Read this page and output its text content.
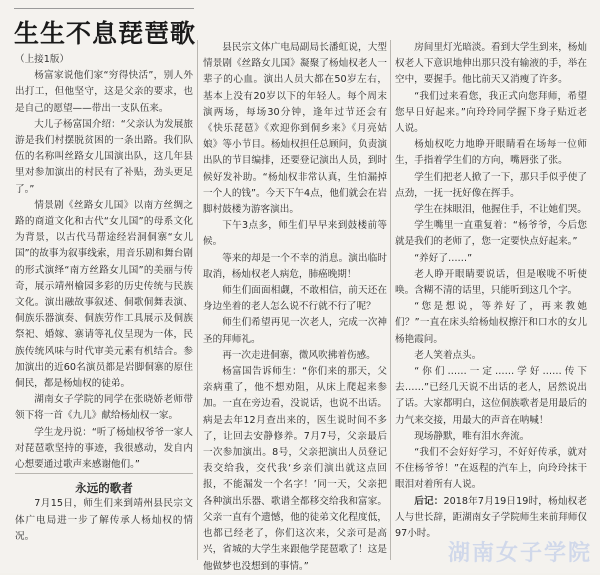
生生不息琵琶歌

（上接1版）

杨富家说他们家“穷得快活”，别人外出打工，但他坚守，这是父亲的要求，也是自己的愿望——带出一支队伍来。

大儿子杨富国介绍：“父亲认为发展旅游是我们村摆脱贫困的一条出路。我们队伍的名称叫丝路女儿国演出队，这几年县里对参加演出的村民有了补贴，劲头更足了。”

情景剧《丝路女儿国》以南方丝绸之路的商道文化和古代“女儿国”的母系文化为背景，以古代马帮途经岩洞侗寨“女儿国”的故事为叙事线索，用音乐剧和舞台剧的形式演绎“南方丝路女儿国”的美丽与传奇，展示靖州榆园多彩的历史传统与民族文化。演出融故事叙述、侗歌侗舞表演、侗族乐器演奏、侗族劳作工具展示及侗族祭祀、婚嫁、寨请等礼仪呈现为一体，民族传统风味与时代审美元素有机结合。参加演出的近60名演员都是岩脚侗寨的原住侗民，都是杨灿权的徒弟。

湖南女子学院的同学在张晓娇老师带领下将一首《九儿》献给杨灿权一家。

学生龙丹说：“听了杨灿权爷爷一家人对琵琶歌坚持的事迹，我很感动，发自内心想要通过歌声来感谢他们。”

永远的歌者

7月15日，师生们来到靖州县民宗文体广电局进一步了解传承人杨灿权的情况。

县民宗文体广电局副局长潘虹说，大型情景剧《丝路女儿国》凝聚了杨灿权老人一辈子的心血。演出人员大都在50岁左右，基本上没有20岁以下的年轻人。每个周末演两场，每场30分钟，逢年过节还会有《快乐琵琶》《欢迎你到侗乡来》《月亮姑娘》等小节目。杨灿权担任总顾问，负责演出队的节目编排，还要登记演出人员，到时候好发补助。“杨灿权非常认真，生怕漏掉一个人的钱”。今天下午4点，他们就会在岩脚村鼓楼为游客演出。

下午3点多，师生们早早来到鼓楼前等候。

等来的却是一个不幸的消息。演出临时取消，杨灿权老人病危，肺癌晚期！

师生们面面相觑，不敢相信，前天还在身边坐着的老人怎么说不行就不行了呢？

师生们希望再见一次老人，完成一次神圣的拜师礼。

再一次走进侗寨，微风吹拂着伤感。

杨富国告诉师生：“你们来的那天，父亲病重了，他不想劝阻，从床上爬起来参加。一直在旁边看，没说话，也说不出话。病是去年12月查出来的，医生说时间不多了，让回去安静修养。7月7号，父亲最后一次参加演出。8号，父亲把演出人员登记表交给我，交代我‘乡亲们演出就这点回报，不能漏发一个名字！’同一天，父亲把各种演出乐器、歌谱全都移交给我和富家。父亲一直有个遗憾，他的徒弟文化程度低，也都已经老了，你们这次来，父亲可是高兴，省城的大学生来跟他学琵琶歌了！这是他做梦也没想到的事情。”

房间里灯光暗淡。看到大学生到来，杨灿权老人下意识地伸出那只没有输液的手，举在空中，要握手。他比前天又消瘦了许多。

“我们过来看您，我正式向您拜师，希望您早日好起来。”向玲玲同学握下身子贴近老人说。

杨灿权吃力地睁开眼睛看在场每一位师生，手指着学生们的方向，嘴唇张了张。

学生们把老人掀了一下，那只手似乎使了点劲，一抚一抚好像在挥手。

学生在抹眼泪，他握住手，不让她们哭。

学生嘴里一直重复着：“杨爷爷，今后您就是我们的老师了，您一定要快点好起来。”

“养好了……”

老人睁开眼睛要说话，但是喉咙不听使唤。含糊不清的话里，只能听到这几个字。

“您是想说，等养好了，再来教她们？”一直在床头给杨灿权擦汗和口水的女儿杨艳霞问。

老人笑着点头。

“你们……一定……学好……传下去……”已经几天说不出话的老人，居然说出了话。大家都明白，这位侗族歌者是用最后的力气来交接，用最大的声音在呐喊！

现场静默，唯有泪水奔流。

“我们不会好好学习，不好好传承，就对不住杨爷爷！”在返程的汽车上，向玲玲抹干眼泪对着所有人说。

后记：2018年7月19日19时，杨灿权老人与世长辞，距湖南女子学院师生来前拜师仅97小时。

湖南女子学院
